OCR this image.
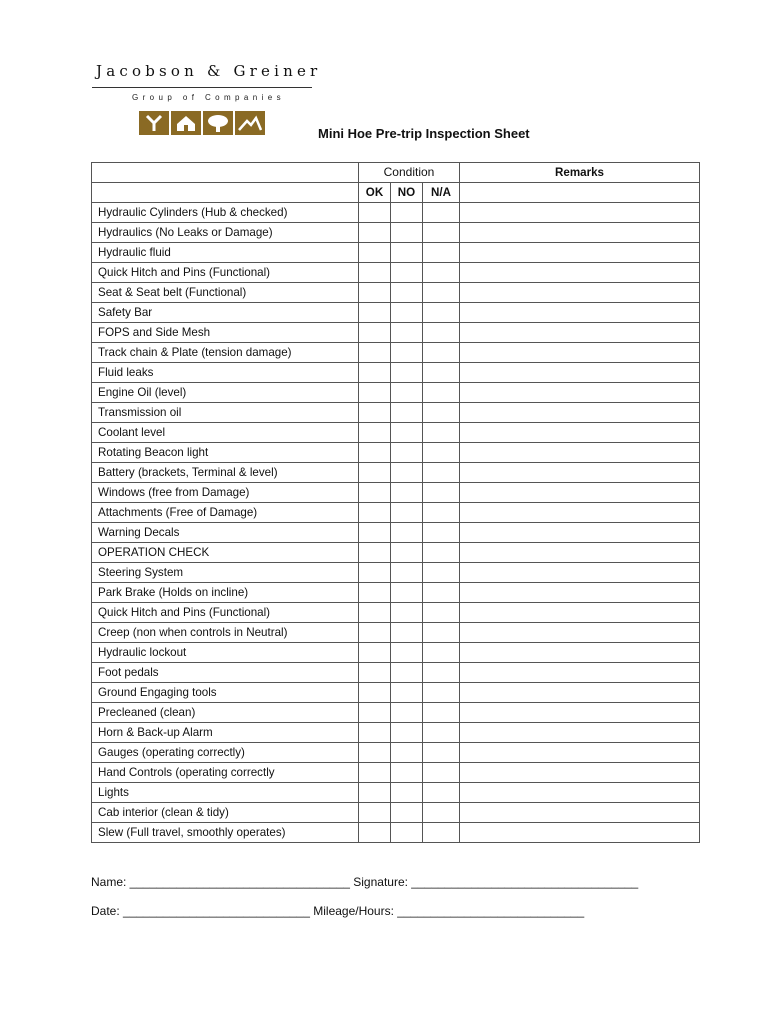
Jacobson & Greiner
Group of Companies
Mini Hoe Pre-trip Inspection Sheet
	Condition			Remarks
	OK	NO	N/A	
Hydraulic Cylinders (Hub & checked)				
Hydraulics (No Leaks or Damage)				
Hydraulic fluid				
Quick Hitch and Pins (Functional)				
Seat & Seat belt (Functional)				
Safety Bar				
FOPS and Side Mesh				
Track chain & Plate (tension damage)				
Fluid leaks				
Engine Oil (level)				
Transmission oil				
Coolant level				
Rotating Beacon light				
Battery (brackets, Terminal & level)				
Windows (free from Damage)				
Attachments (Free of Damage)				
Warning Decals				
OPERATION CHECK				
Steering System				
Park Brake (Holds on incline)				
Quick Hitch and Pins (Functional)				
Creep (non when controls in Neutral)				
Hydraulic lockout				
Foot pedals				
Ground Engaging tools				
Precleaned (clean)				
Horn & Back-up Alarm				
Gauges (operating correctly)				
Hand Controls (operating correctly				
Lights				
Cab interior (clean & tidy)				
Slew (Full travel, smoothly operates)				
Name: _________________________________ Signature: __________________________________
Date: ____________________________ Mileage/Hours: ____________________________
